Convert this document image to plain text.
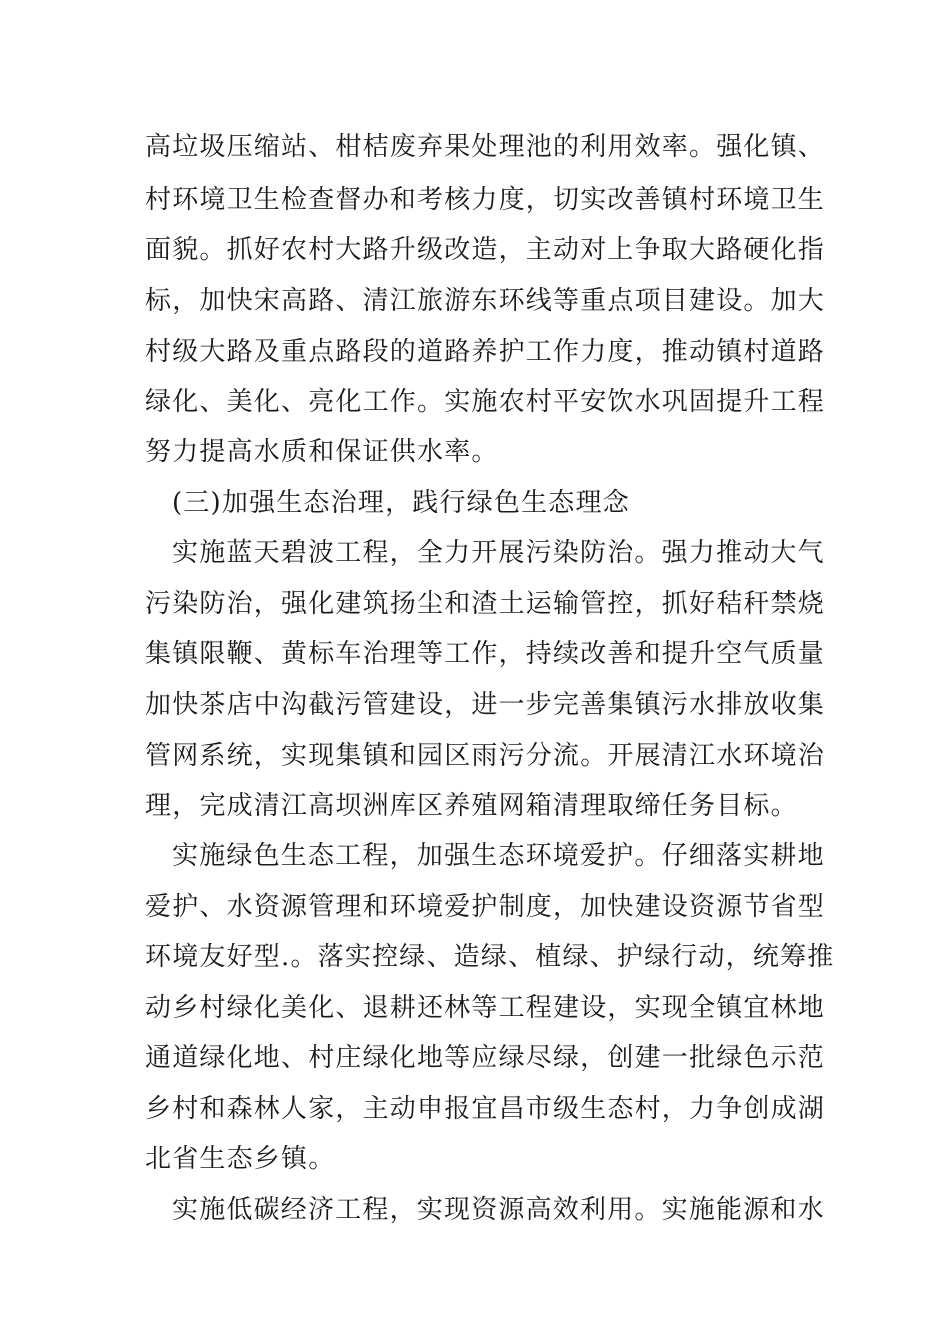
高垃圾压缩站、柑桔废弃果处理池的利用效率。强化镇、
村环境卫生检查督办和考核力度，切实改善镇村环境卫生
面貌。抓好农村大路升级改造，主动对上争取大路硬化指
标，加快宋高路、清江旅游东环线等重点项目建设。加大
村级大路及重点路段的道路养护工作力度，推动镇村道路
绿化、美化、亮化工作。实施农村平安饮水巩固提升工程
努力提高水质和保证供水率。
(三)加强生态治理，践行绿色生态理念
实施蓝天碧波工程，全力开展污染防治。强力推动大气
污染防治，强化建筑扬尘和渣土运输管控，抓好秸秆禁烧
集镇限鞭、黄标车治理等工作，持续改善和提升空气质量
加快茶店中沟截污管建设，进一步完善集镇污水排放收集
管网系统，实现集镇和园区雨污分流。开展清江水环境治
理，完成清江高坝洲库区养殖网箱清理取缔任务目标。
实施绿色生态工程，加强生态环境爱护。仔细落实耕地
爱护、水资源管理和环境爱护制度，加快建设资源节省型
环境友好型.。落实控绿、造绿、植绿、护绿行动，统筹推
动乡村绿化美化、退耕还林等工程建设，实现全镇宜林地
通道绿化地、村庄绿化地等应绿尽绿，创建一批绿色示范
乡村和森林人家，主动申报宜昌市级生态村，力争创成湖
北省生态乡镇。
实施低碳经济工程，实现资源高效利用。实施能源和水
